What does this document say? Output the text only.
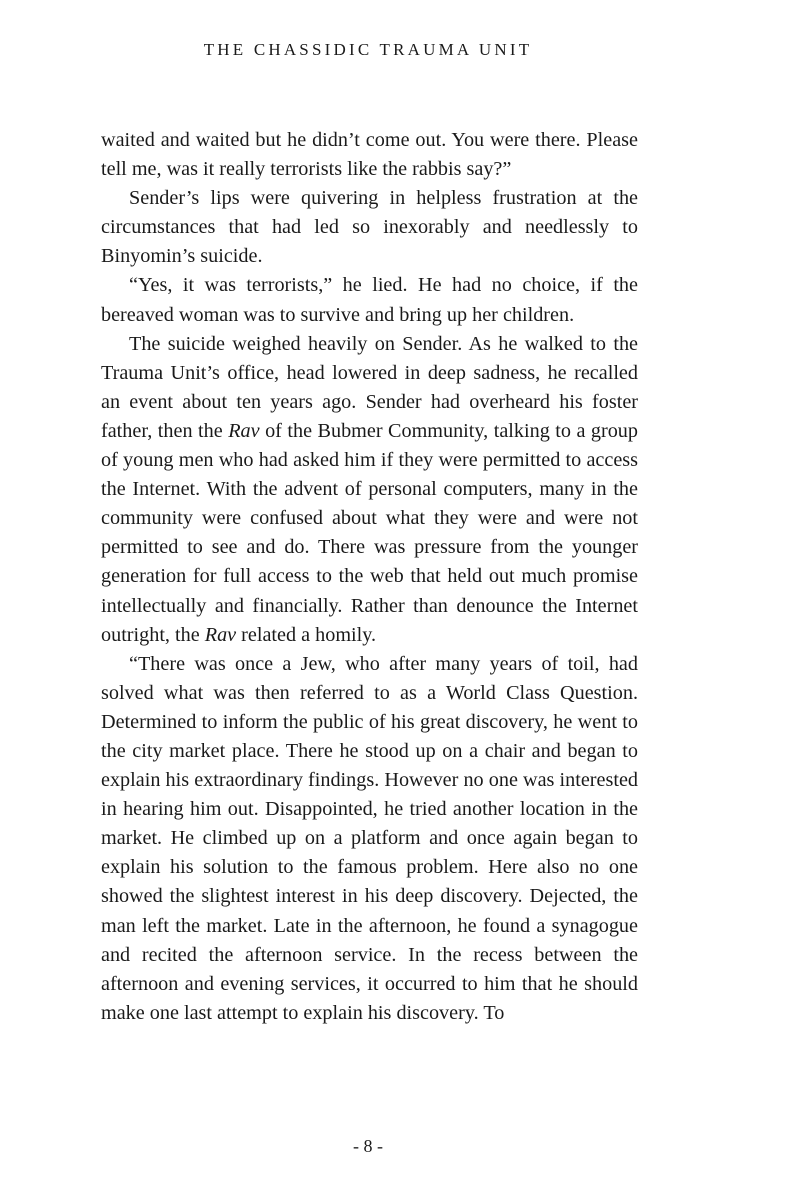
THE CHASSIDIC TRAUMA UNIT

waited and waited but he didn’t come out. You were there. Please tell me, was it really terrorists like the rabbis say?”

Sender’s lips were quivering in helpless frustration at the circumstances that had led so inexorably and needlessly to Binyomin’s suicide.

“Yes, it was terrorists,” he lied. He had no choice, if the bereaved woman was to survive and bring up her children.

The suicide weighed heavily on Sender. As he walked to the Trauma Unit’s office, head lowered in deep sadness, he recalled an event about ten years ago. Sender had overheard his foster father, then the Rav of the Bubmer Community, talking to a group of young men who had asked him if they were permitted to access the Internet. With the advent of personal computers, many in the community were confused about what they were and were not permitted to see and do. There was pressure from the younger generation for full access to the web that held out much promise intellectually and financially. Rather than denounce the Internet outright, the Rav related a homily.

“There was once a Jew, who after many years of toil, had solved what was then referred to as a World Class Question. Determined to inform the public of his great discovery, he went to the city market place. There he stood up on a chair and began to explain his extraordinary findings. However no one was interested in hearing him out. Disappointed, he tried another location in the market. He climbed up on a platform and once again began to explain his solution to the famous problem. Here also no one showed the slightest interest in his deep discovery. Dejected, the man left the market. Late in the afternoon, he found a synagogue and recited the afternoon service. In the recess between the afternoon and evening services, it occurred to him that he should make one last attempt to explain his discovery. To

- 8 -
